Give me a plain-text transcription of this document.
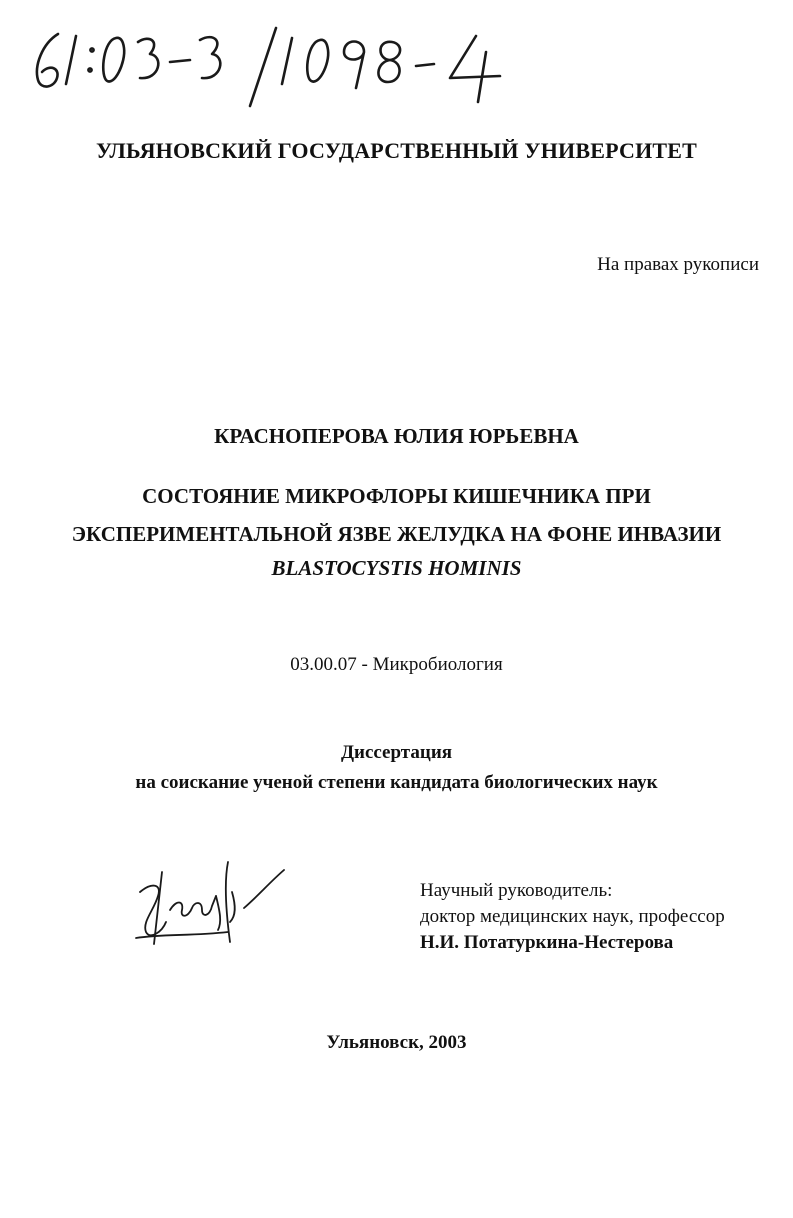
УЛЬЯНОВСКИЙ ГОСУДАРСТВЕННЫЙ УНИВЕРСИТЕТ
На правах рукописи
КРАСНОПЕРОВА ЮЛИЯ ЮРЬЕВНА
СОСТОЯНИЕ МИКРОФЛОРЫ КИШЕЧНИКА ПРИ
ЭКСПЕРИМЕНТАЛЬНОЙ ЯЗВЕ ЖЕЛУДКА НА ФОНЕ ИНВАЗИИ
BLASTOCYSTIS HOMINIS
03.00.07 - Микробиология
Диссертация
на соискание ученой степени кандидата биологических наук
Научный руководитель:
доктор медицинских наук, профессор
Н.И. Потатуркина-Нестерова
Ульяновск, 2003
